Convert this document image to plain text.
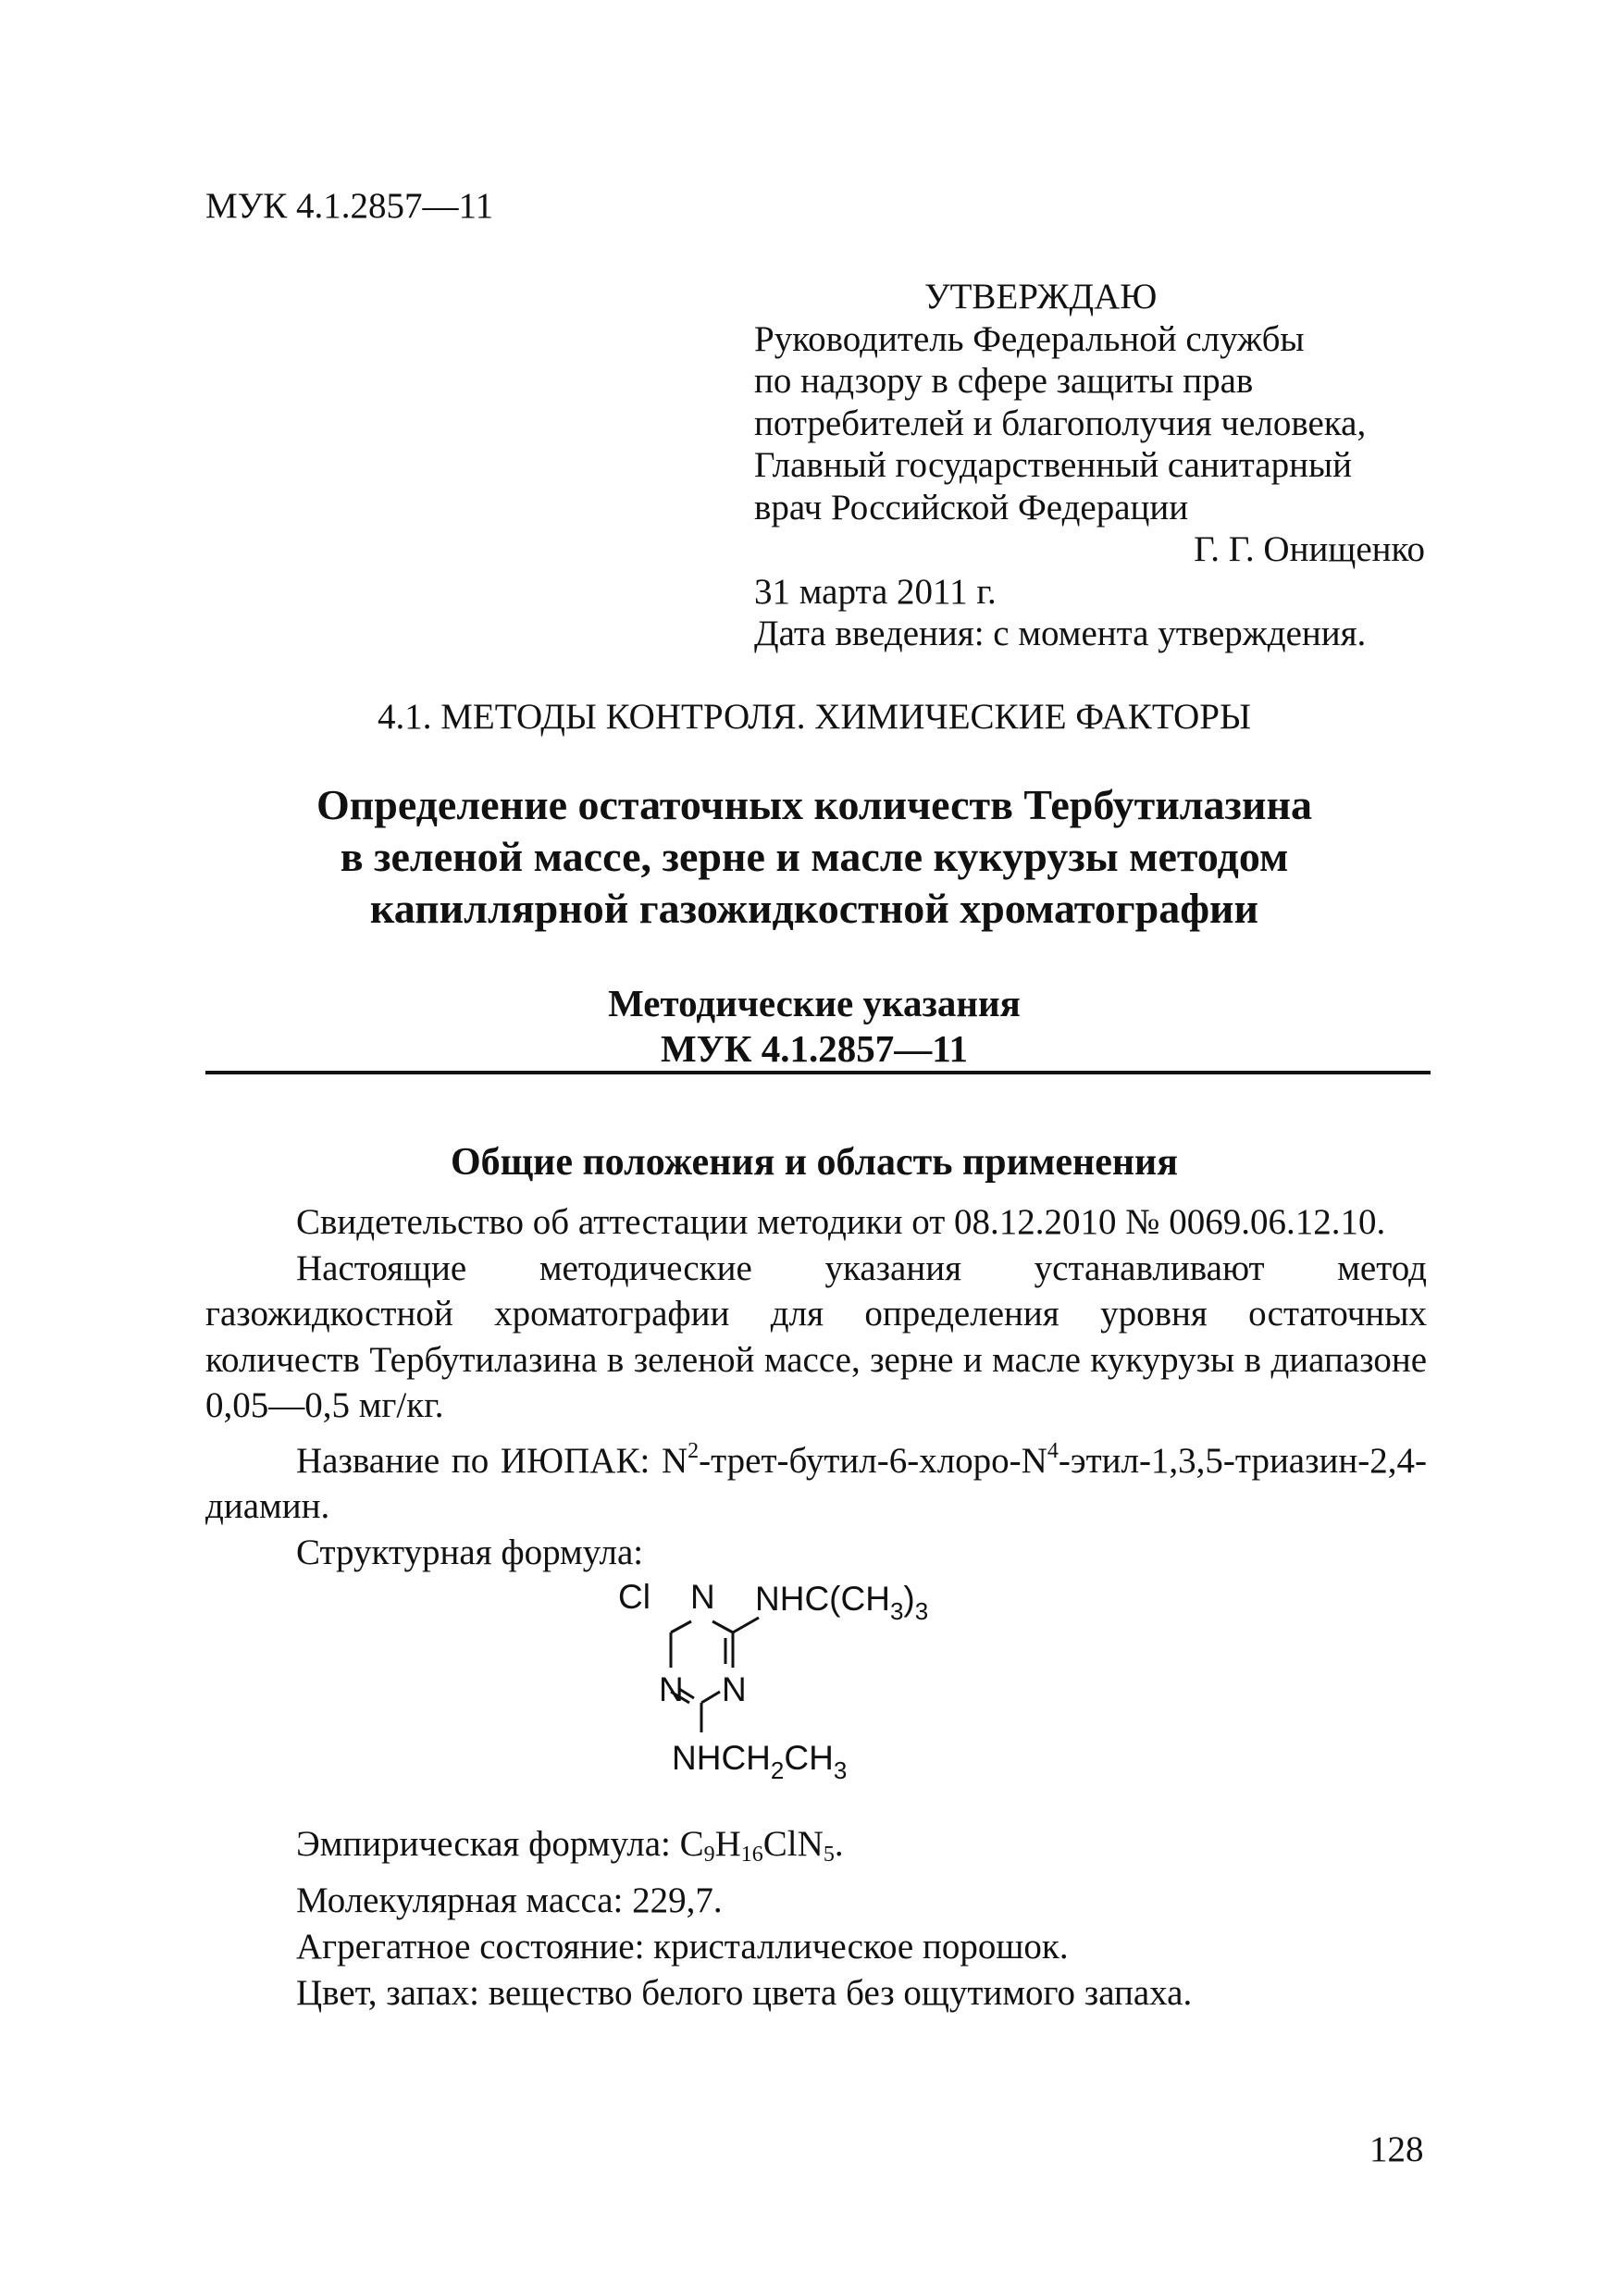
МУК 4.1.2857—11
УТВЕРЖДАЮ
Руководитель Федеральной службы
по надзору в сфере защиты прав
потребителей и благополучия человека,
Главный государственный санитарный
врач Российской Федерации
Г. Г. Онищенко
31 марта 2011 г.
Дата введения: с момента утверждения.
4.1. МЕТОДЫ КОНТРОЛЯ. ХИМИЧЕСКИЕ ФАКТОРЫ
Определение остаточных количеств Тербутилазина
в зеленой массе, зерне и масле кукурузы методом
капиллярной газожидкостной хроматографии
Методические указания
МУК 4.1.2857—11
Общие положения и область применения

Свидетельство об аттестации методики от 08.12.2010 № 0069.06.12.10.

Настоящие методические указания устанавливают метод газожидкостной хроматографии для определения уровня остаточных количеств Тербутилазина в зеленой массе, зерне и масле кукурузы в диапазоне 0,05—0,5 мг/кг.

Название по ИЮПАК: $N^2-трет-бутил-6-хлоро-N^4-этил-1,3,5-триазин-2,4$-диамин.

Структурная формула:

Cl N
N N
$NHC(CH_3)_3$
$NHCH_2CH_3$
Эмпирическая формула: $C_9H_{16}ClN_5$.
Молекулярная масса: 229,7.
Агрегатное состояние: кристаллическое порошок.
Цвет, запах: вещество белого цвета без ощутимого запаха.
128
